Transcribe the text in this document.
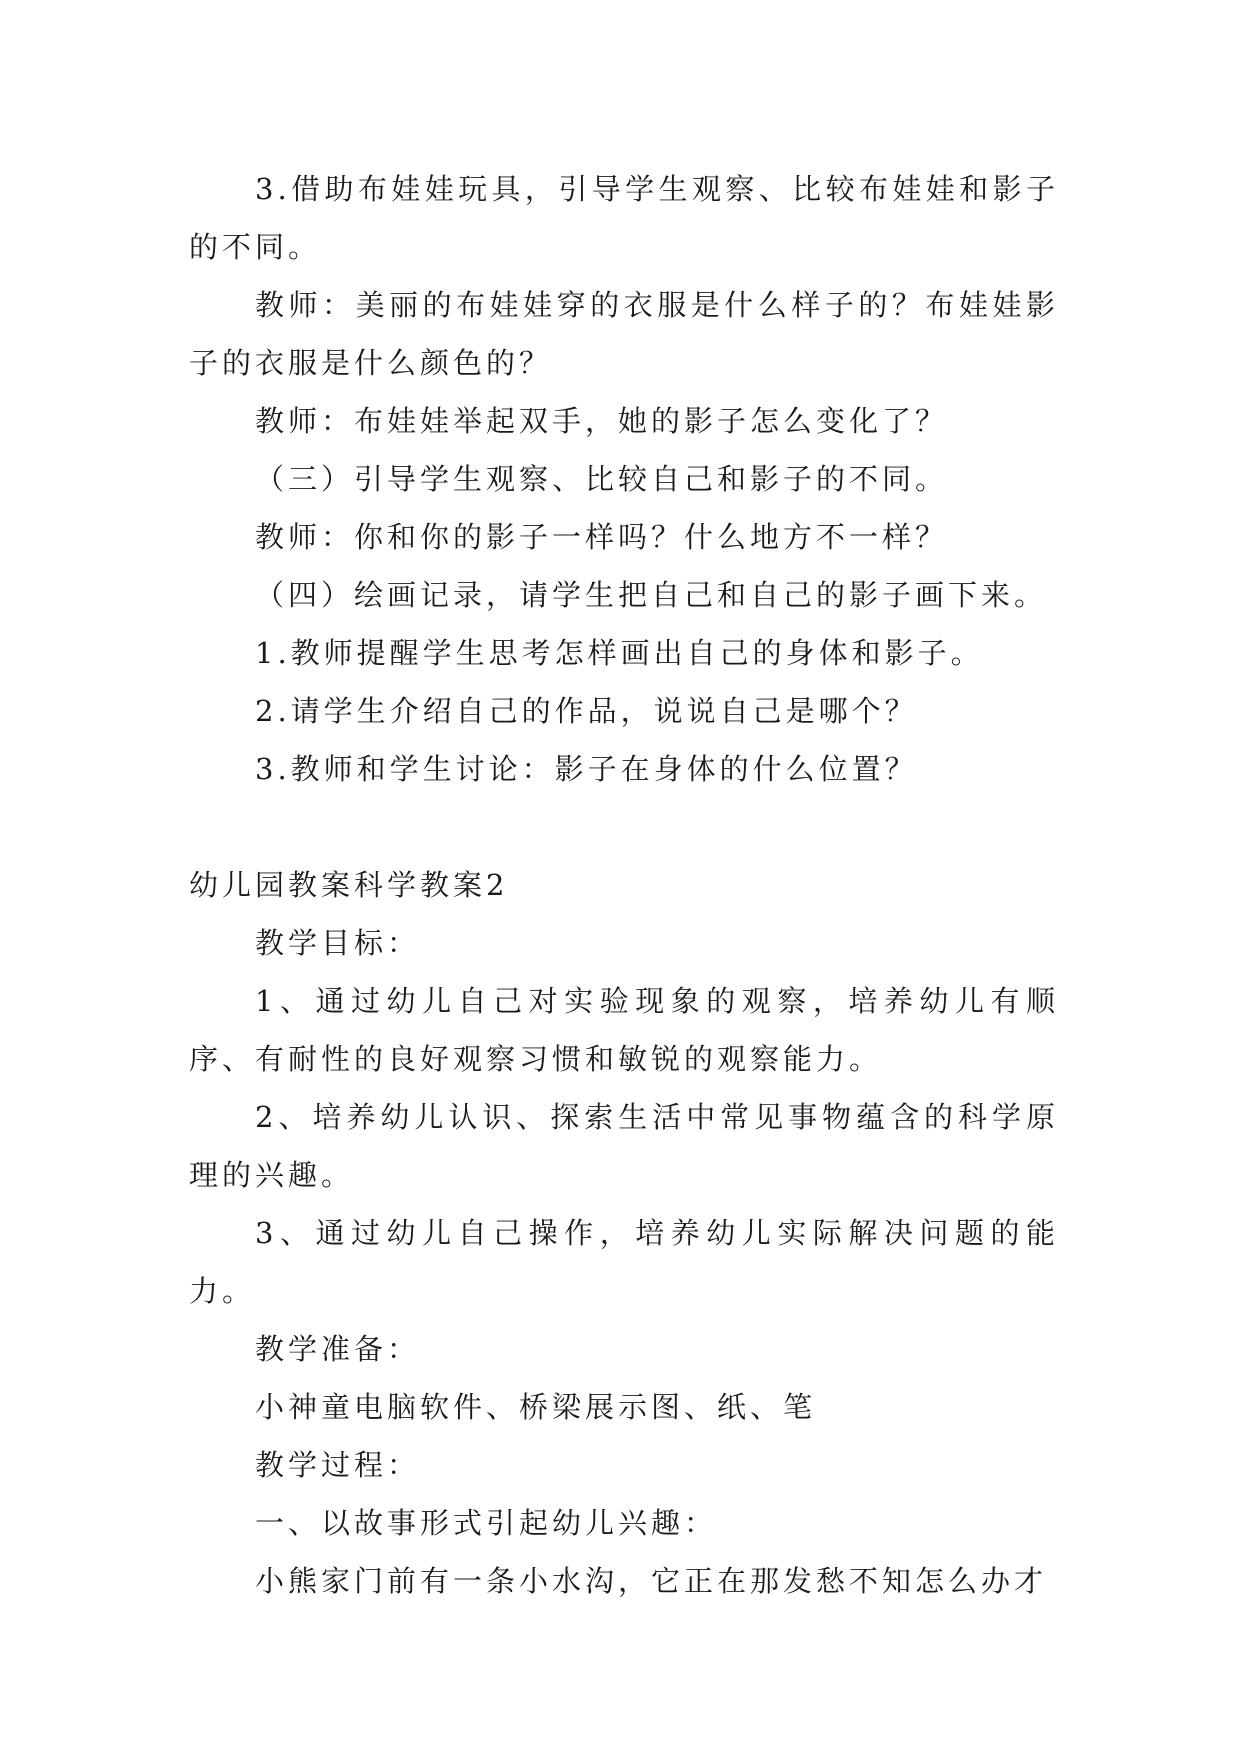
3.借助布娃娃玩具，引导学生观察、比较布娃娃和影子的不同。

教师：美丽的布娃娃穿的衣服是什么样子的？布娃娃影子的衣服是什么颜色的？

教师：布娃娃举起双手，她的影子怎么变化了？

（三）引导学生观察、比较自己和影子的不同。

教师：你和你的影子一样吗？什么地方不一样？

（四）绘画记录，请学生把自己和自己的影子画下来。

1.教师提醒学生思考怎样画出自己的身体和影子。

2.请学生介绍自己的作品，说说自己是哪个？

3.教师和学生讨论：影子在身体的什么位置？

幼儿园教案科学教案2

教学目标：

1、通过幼儿自己对实验现象的观察，培养幼儿有顺序、有耐性的良好观察习惯和敏锐的观察能力。

2、培养幼儿认识、探索生活中常见事物蕴含的科学原理的兴趣。

3、通过幼儿自己操作，培养幼儿实际解决问题的能力。

教学准备：

小神童电脑软件、桥梁展示图、纸、笔

教学过程：

一、以故事形式引起幼儿兴趣：

小熊家门前有一条小水沟，它正在那发愁不知怎么办才
